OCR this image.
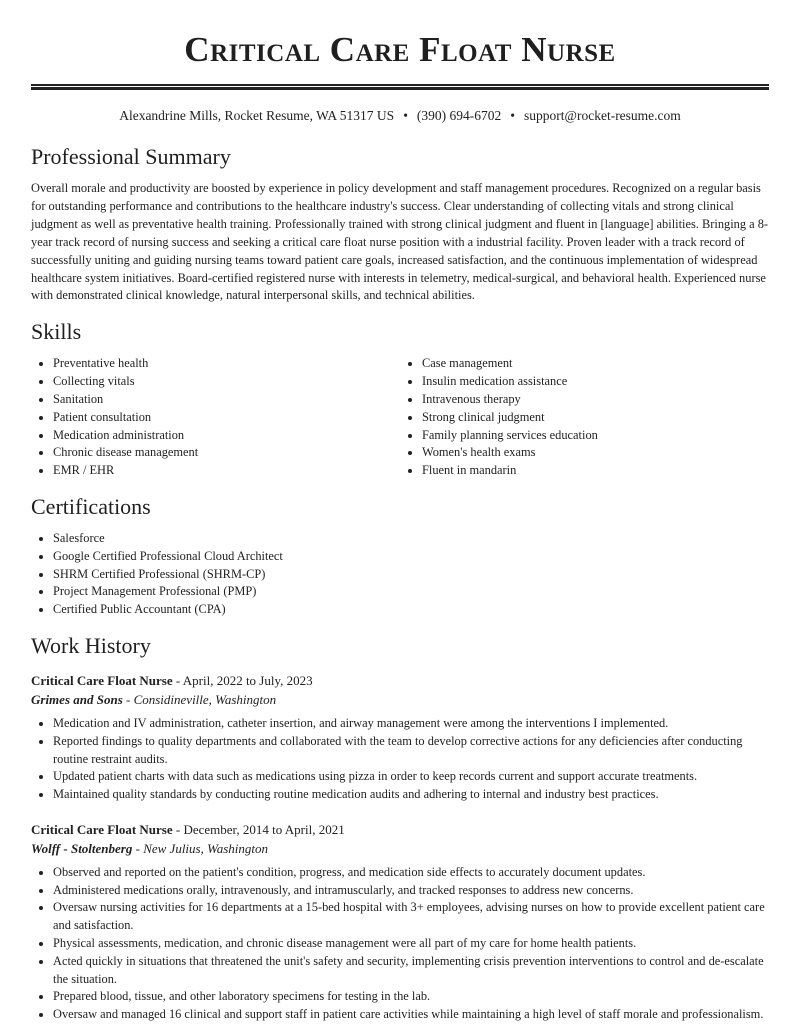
Critical Care Float Nurse
Alexandrine Mills, Rocket Resume, WA 51317 US • (390) 694-6702 • support@rocket-resume.com
Professional Summary

Overall morale and productivity are boosted by experience in policy development and staff management procedures. Recognized on a regular basis for outstanding performance and contributions to the healthcare industry's success. Clear understanding of collecting vitals and strong clinical judgment as well as preventative health training. Professionally trained with strong clinical judgment and fluent in [language] abilities. Bringing a 8-year track record of nursing success and seeking a critical care float nurse position with a industrial facility. Proven leader with a track record of successfully uniting and guiding nursing teams toward patient care goals, increased satisfaction, and the continuous implementation of widespread healthcare system initiatives. Board-certified registered nurse with interests in telemetry, medical-surgical, and behavioral health. Experienced nurse with demonstrated clinical knowledge, natural interpersonal skills, and technical abilities.

Skills
• Preventative health
• Collecting vitals
• Sanitation
• Patient consultation
• Medication administration
• Chronic disease management
• EMR / EHR
• Case management
• Insulin medication assistance
• Intravenous therapy
• Strong clinical judgment
• Family planning services education
• Women's health exams
• Fluent in mandarin
Certifications
• Salesforce
• Google Certified Professional Cloud Architect
• SHRM Certified Professional (SHRM-CP)
• Project Management Professional (PMP)
• Certified Public Accountant (CPA)
Work History
Critical Care Float Nurse - April, 2022 to July, 2023
Grimes and Sons - Considineville, Washington
• Medication and IV administration, catheter insertion, and airway management were among the interventions I implemented.
• Reported findings to quality departments and collaborated with the team to develop corrective actions for any deficiencies after conducting routine restraint audits.
• Updated patient charts with data such as medications using pizza in order to keep records current and support accurate treatments.
• Maintained quality standards by conducting routine medication audits and adhering to internal and industry best practices.
Critical Care Float Nurse - December, 2014 to April, 2021
Wolff - Stoltenberg - New Julius, Washington
• Observed and reported on the patient's condition, progress, and medication side effects to accurately document updates.
• Administered medications orally, intravenously, and intramuscularly, and tracked responses to address new concerns.
• Oversaw nursing activities for 16 departments at a 15-bed hospital with 3+ employees, advising nurses on how to provide excellent patient care and satisfaction.
• Physical assessments, medication, and chronic disease management were all part of my care for home health patients.
• Acted quickly in situations that threatened the unit's safety and security, implementing crisis prevention interventions to control and de-escalate the situation.
• Prepared blood, tissue, and other laboratory specimens for testing in the lab.
• Oversaw and managed 16 clinical and support staff in patient care activities while maintaining a high level of staff morale and professionalism.
